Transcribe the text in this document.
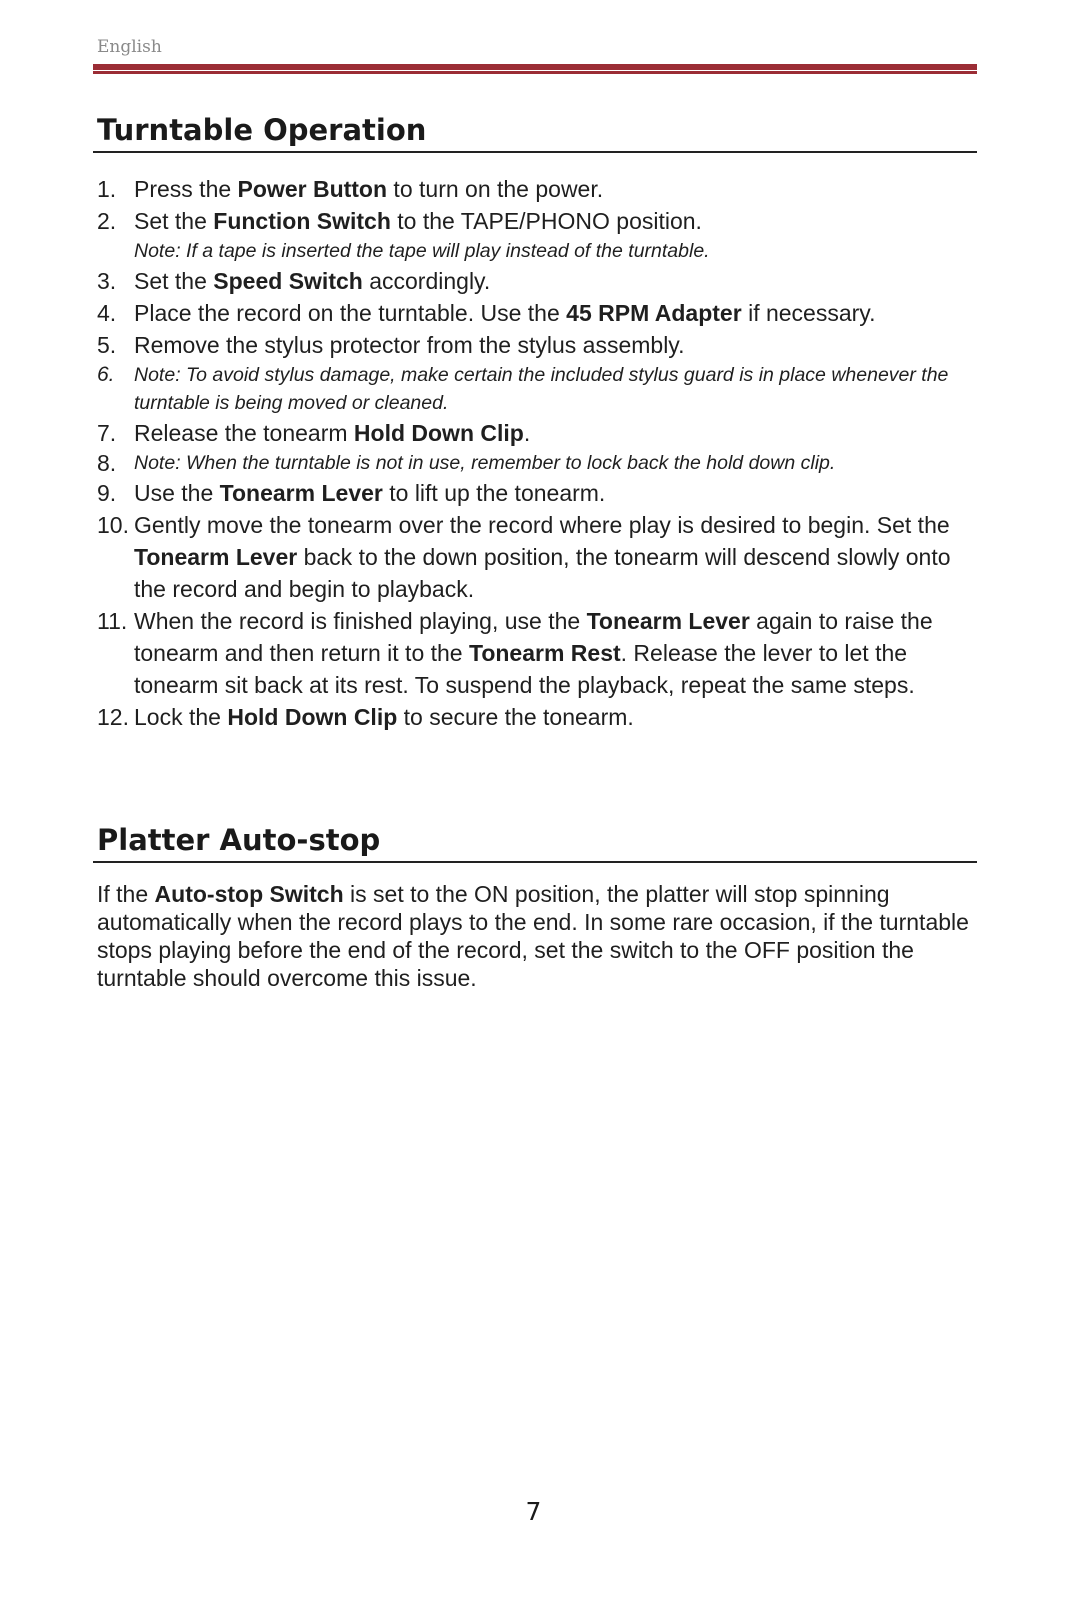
English
Turntable Operation
1. Press the Power Button to turn on the power.
2. Set the Function Switch to the TAPE/PHONO position.
Note: If a tape is inserted the tape will play instead of the turntable.
3. Set the Speed Switch accordingly.
4. Place the record on the turntable. Use the 45 RPM Adapter if necessary.
5. Remove the stylus protector from the stylus assembly.
6. Note: To avoid stylus damage, make certain the included stylus guard is in place whenever the turntable is being moved or cleaned.
7. Release the tonearm Hold Down Clip.
8. Note: When the turntable is not in use, remember to lock back the hold down clip.
9. Use the Tonearm Lever to lift up the tonearm.
10. Gently move the tonearm over the record where play is desired to begin. Set the Tonearm Lever back to the down position, the tonearm will descend slowly onto the record and begin to playback.
11. When the record is finished playing, use the Tonearm Lever again to raise the tonearm and then return it to the Tonearm Rest. Release the lever to let the tonearm sit back at its rest. To suspend the playback, repeat the same steps.
12. Lock the Hold Down Clip to secure the tonearm.
Platter Auto-stop

If the Auto-stop Switch is set to the ON position, the platter will stop spinning automatically when the record plays to the end. In some rare occasion, if the turntable stops playing before the end of the record, set the switch to the OFF position the turntable should overcome this issue.

7
